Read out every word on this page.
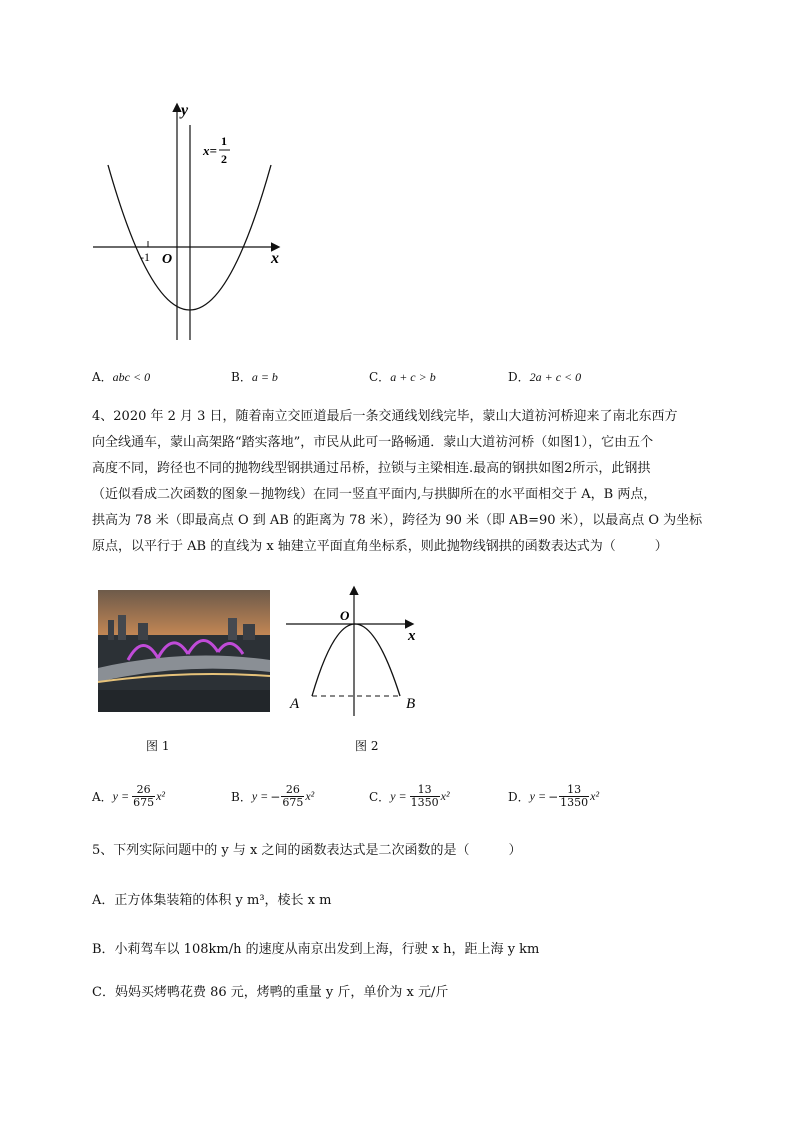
y
x
O
-1
x=
1
2
A．abc < 0	B．a = b	C．a + c > b	D．2a + c < 0
4、2020 年 2 月 3 日，随着南立交匝道最后一条交通线划线完毕，蒙山大道祊河桥迎来了南北东西方
向全线通车，蒙山高架路“踏实落地”，市民从此可一路畅通．蒙山大道祊河桥（如图1），它由五个
高度不同，跨径也不同的抛物线型钢拱通过吊桥，拉锁与主梁相连.最高的钢拱如图2所示，此钢拱
（近似看成二次函数的图象－抛物线）在同一竖直平面内,与拱脚所在的水平面相交于 A，B 两点，
拱高为 78 米（即最高点 O 到 AB 的距离为 78 米），跨径为 90 米（即 AB=90 米），以最高点 O 为坐标
原点，以平行于 AB 的直线为 x 轴建立平面直角坐标系，则此抛物线钢拱的函数表达式为（　　　）
O
x
A	B
图 1	图 2
A． $y = \frac{26}{675} x^2$	B． y = − $\frac{26}{675} x^2$	C． $y = \frac{13}{1350} x^2$	D． y = − $\frac{13}{1350} x^2$
5、下列实际问题中的 y 与 x 之间的函数表达式是二次函数的是（　　　）
A．正方体集装箱的体积 y m³，棱长 x m
B．小莉驾车以 108km/h 的速度从南京出发到上海，行驶 x h，距上海 y km
C．妈妈买烤鸭花费 86 元，烤鸭的重量 y 斤，单价为 x 元/斤
